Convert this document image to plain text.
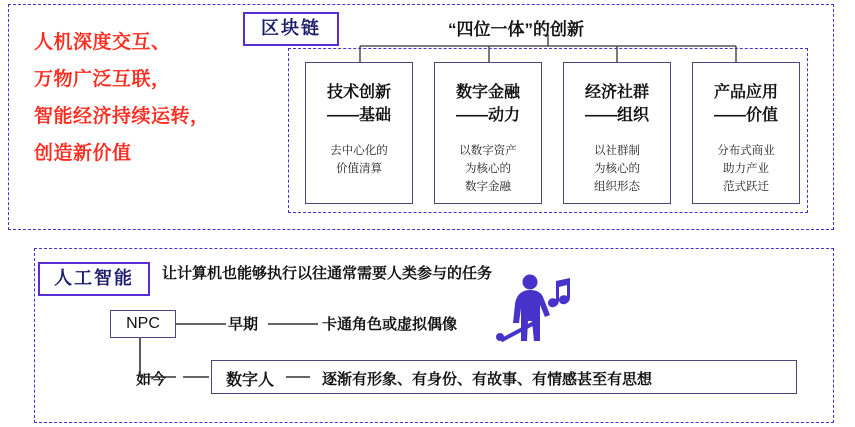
人机深度交互、
万物广泛互联，
智能经济持续运转，
创造新价值
区块链	“四位一体”的创新
技术创新
——基础
去中心化的
价值清算
数字金融
——动力
以数字资产
为核心的
数字金融
经济社群
——组织
以社群制
为核心的
组织形态
产品应用
——价值
分布式商业
助力产业
范式跃迁
人工智能	让计算机也能够执行以往通常需要人类参与的任务
NPC	早期	卡通角色或虚拟偶像
如今	数字人	逐渐有形象、有身份、有故事、有情感甚至有思想
